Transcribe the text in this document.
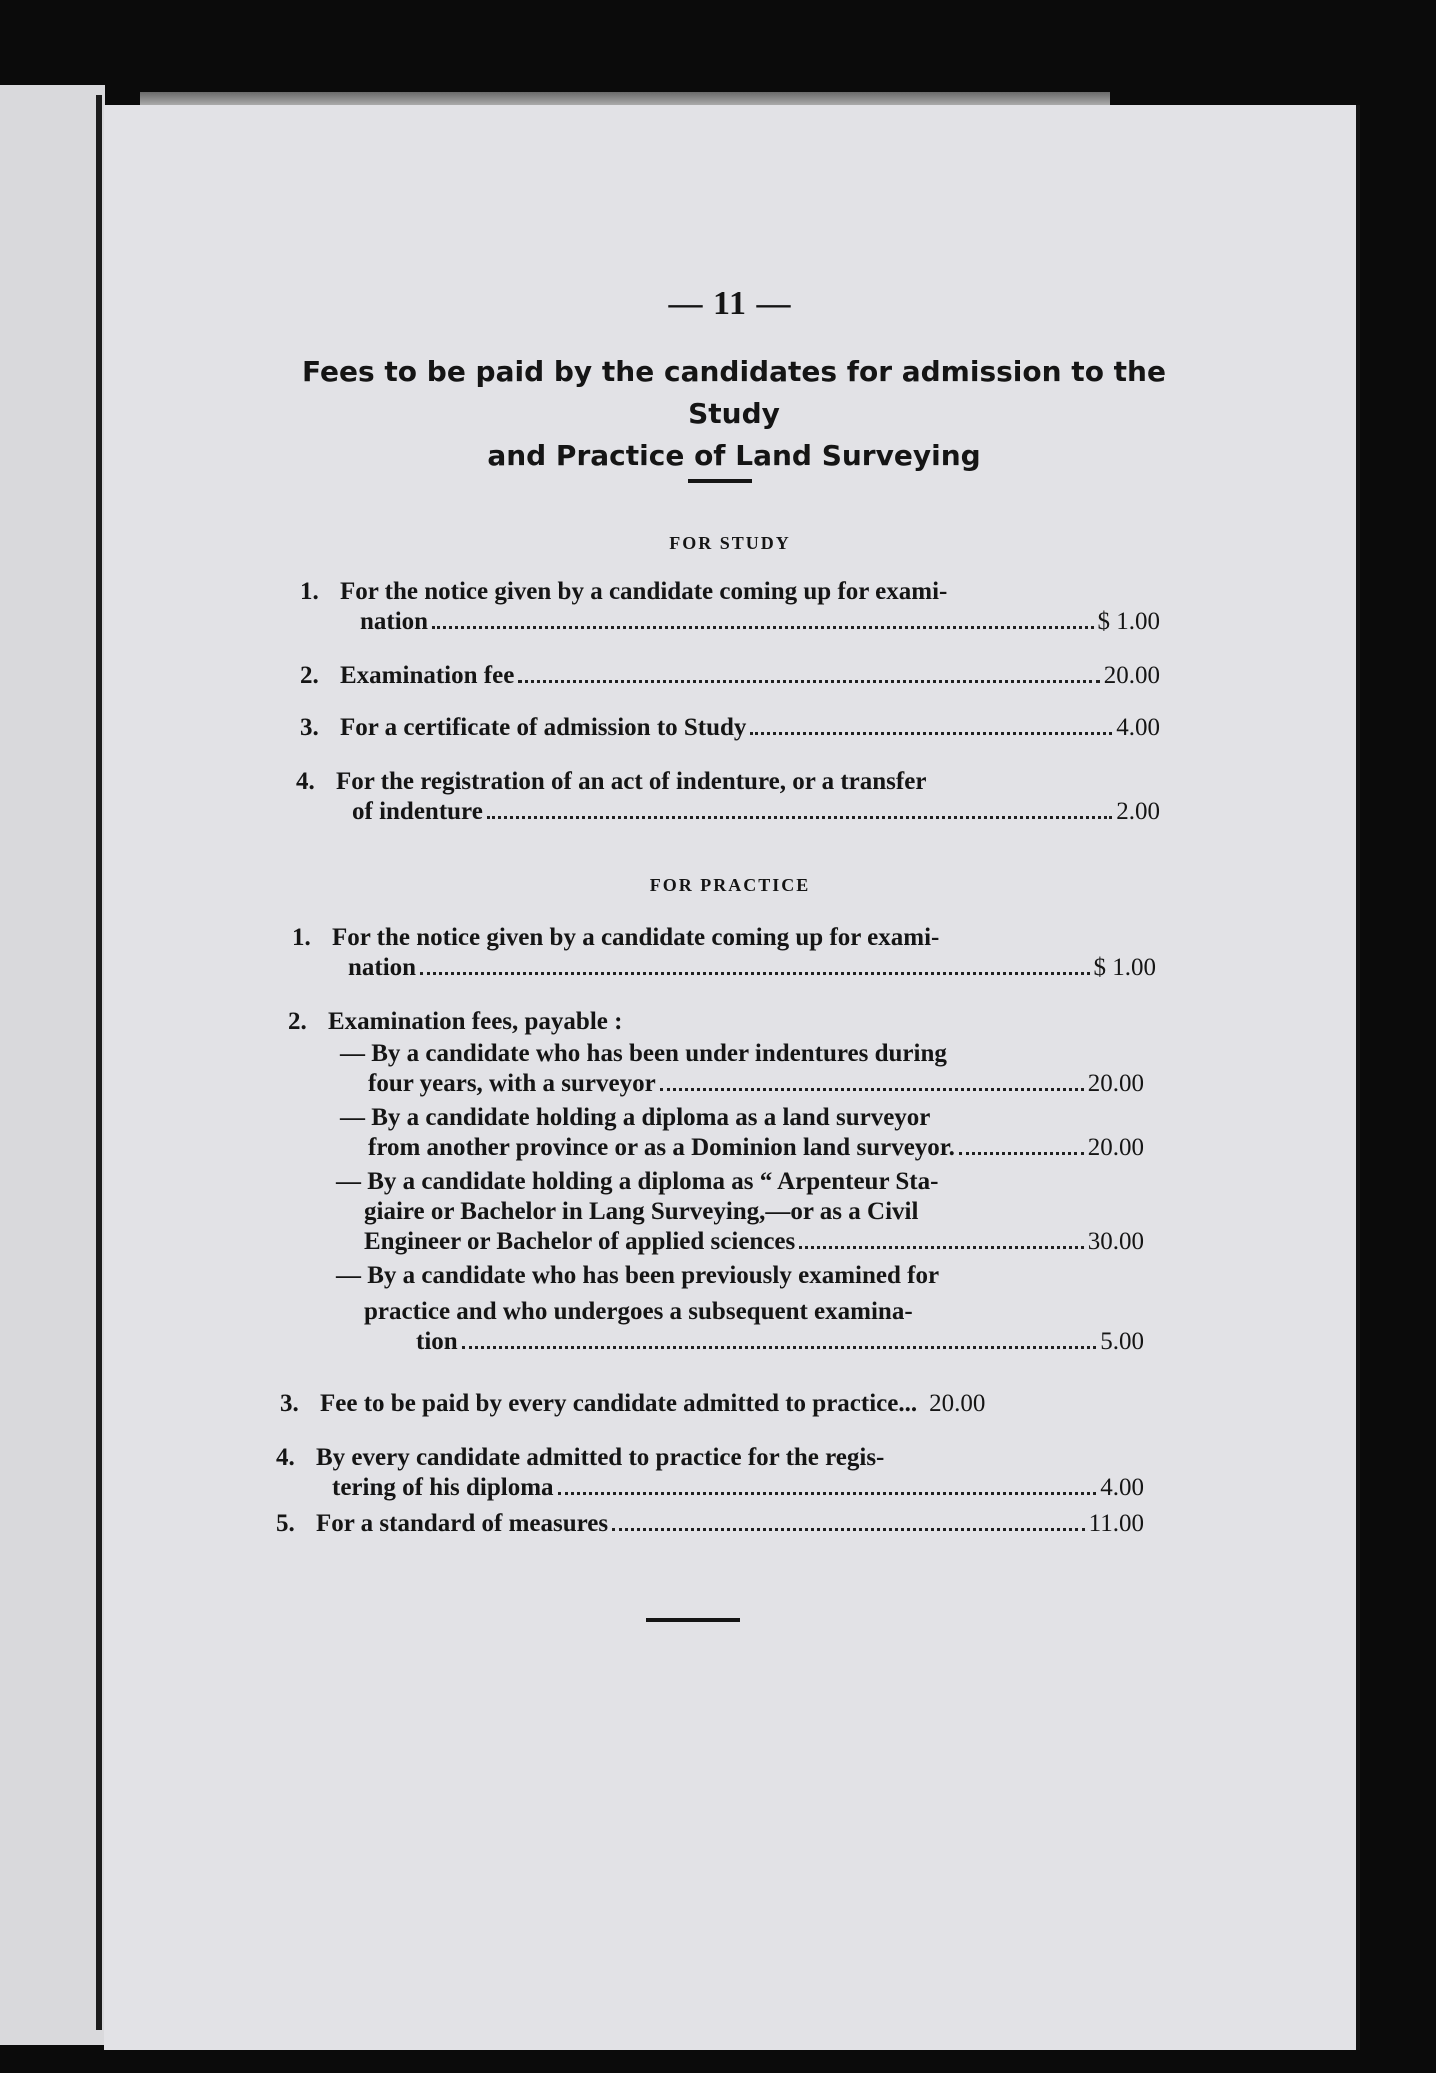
— 11 —
Fees to be paid by the candidates for admission to the Study
and Practice of Land Surveying
FOR STUDY
1. For the notice given by a candidate coming up for exami-
nation	$ 1.00
2. Examination fee	20.00
3. For a certificate of admission to Study	4.00
4. For the registration of an act of indenture, or a transfer
of indenture	2.00
FOR PRACTICE
1. For the notice given by a candidate coming up for exami-
nation	$ 1.00
2. Examination fees, payable :
— By a candidate who has been under indentures during
four years, with a surveyor	20.00
— By a candidate holding a diploma as a land surveyor
from another province or as a Dominion land surveyor.	20.00
— By a candidate holding a diploma as “ Arpenteur Sta-
giaire or Bachelor in Lang Surveying,—or as a Civil
Engineer or Bachelor of applied sciences	30.00
— By a candidate who has been previously examined for
practice and who undergoes a subsequent examina-
tion	5.00
3. Fee to be paid by every candidate admitted to practice... 20.00
4. By every candidate admitted to practice for the regis-
tering of his diploma	4.00
5. For a standard of measures	11.00
